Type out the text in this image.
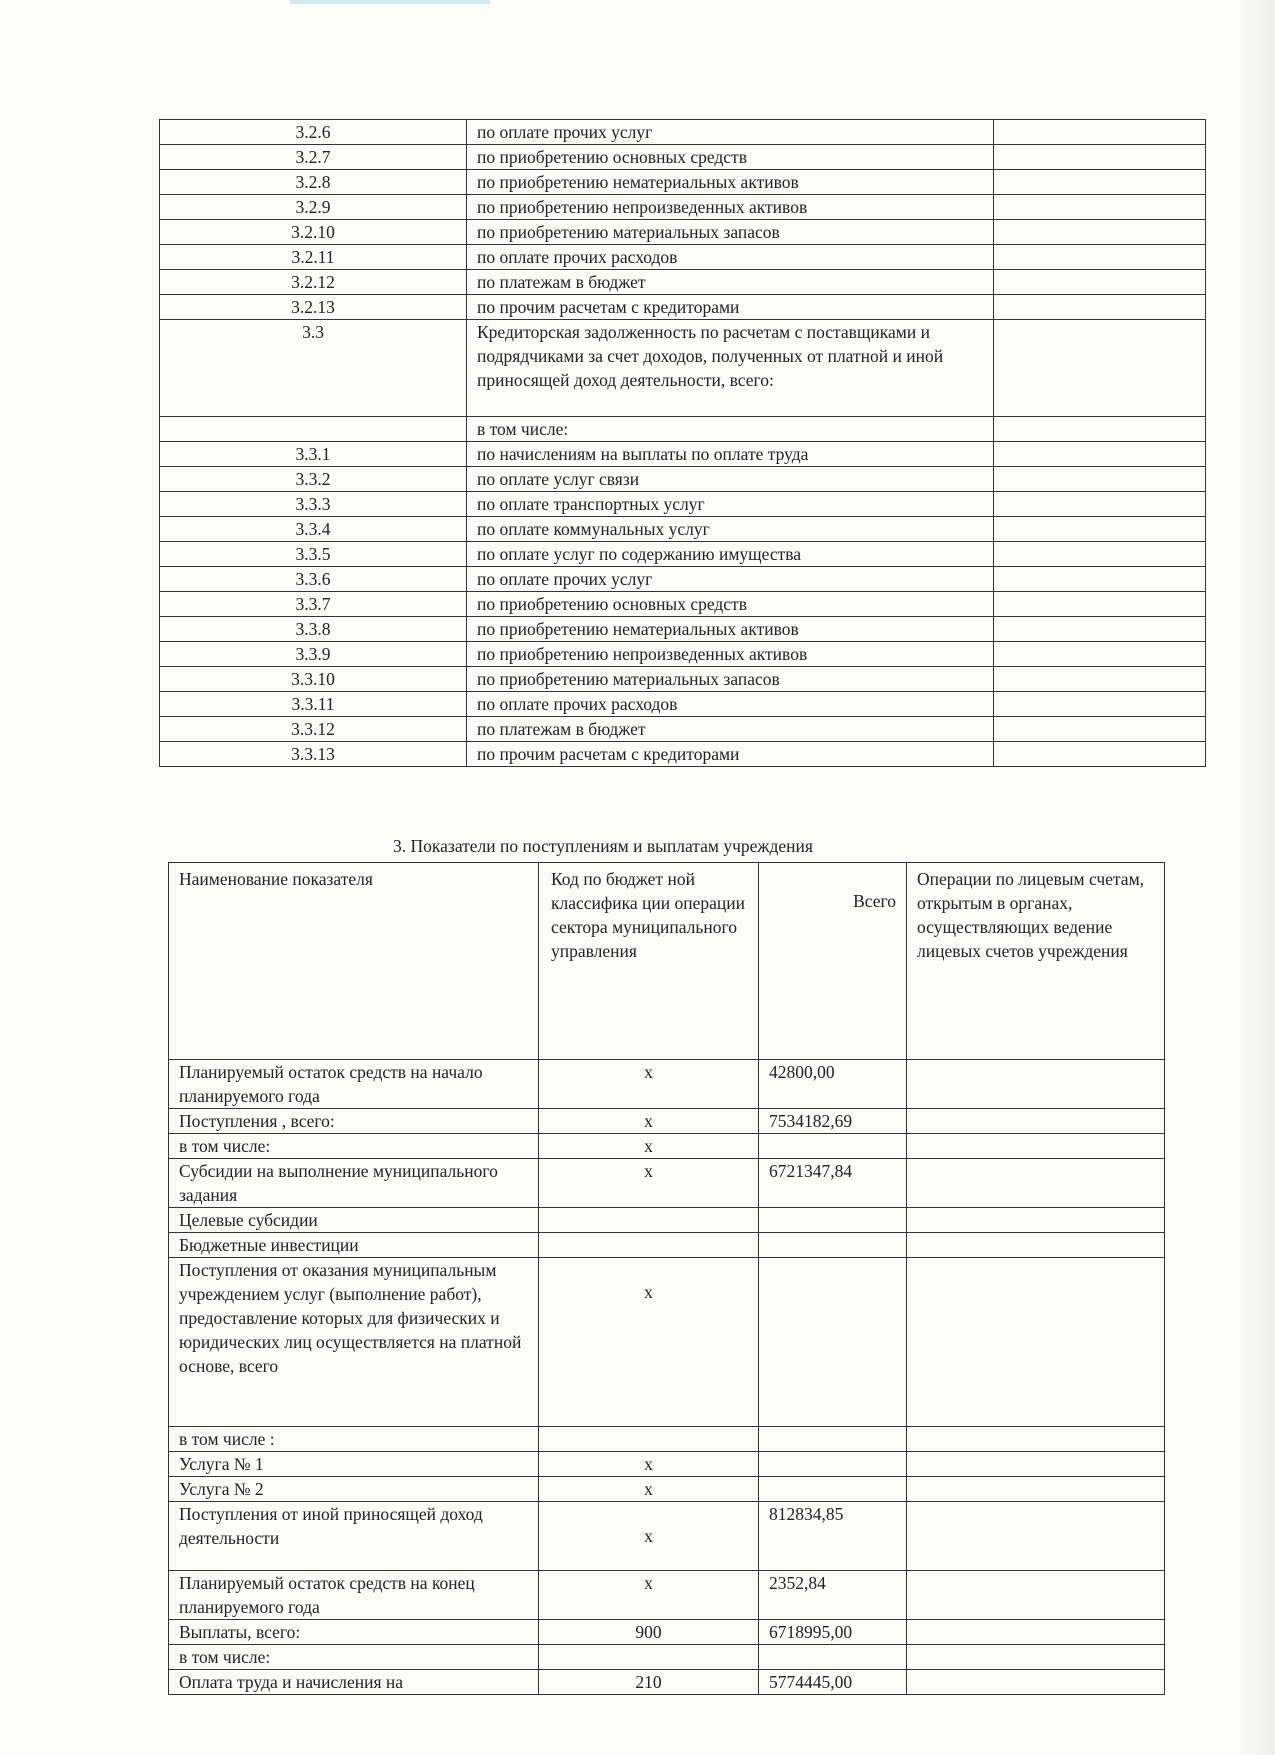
3.2.6	по оплате прочих услуг	
3.2.7	по приобретению основных средств	
3.2.8	по приобретению нематериальных активов	
3.2.9	по приобретению непроизведенных активов	
3.2.10	по приобретению материальных запасов	
3.2.11	по оплате прочих расходов	
3.2.12	по платежам в бюджет	
3.2.13	по прочим расчетам с кредиторами	
3.3	Кредиторская задолженность по расчетам с поставщиками и подрядчиками за счет доходов, полученных от платной и иной приносящей доход деятельности, всего:	
	в том числе:	
3.3.1	по начислениям на выплаты по оплате труда	
3.3.2	по оплате услуг связи	
3.3.3	по оплате транспортных услуг	
3.3.4	по оплате коммунальных услуг	
3.3.5	по оплате услуг по содержанию имущества	
3.3.6	по оплате прочих услуг	
3.3.7	по приобретению основных средств	
3.3.8	по приобретению нематериальных активов	
3.3.9	по приобретению непроизведенных активов	
3.3.10	по приобретению материальных запасов	
3.3.11	по оплате прочих расходов	
3.3.12	по платежам в бюджет	
3.3.13	по прочим расчетам с кредиторами	
3. Показатели по поступлениям и выплатам учреждения
Наименование показателя	Код по бюджет ной классифика ции операции сектора муниципального управления	Всего	Операции по лицевым счетам, открытым в органах, осуществляющих ведение лицевых счетов учреждения
Планируемый остаток средств на начало планируемого года	x	42800,00	
Поступления , всего:	x	7534182,69	
в том числе:	x		
Субсидии на выполнение муниципального задания	x	6721347,84	
Целевые субсидии			
Бюджетные инвестиции			
Поступления от оказания муниципальным учреждением услуг (выполнение работ), предоставление которых для физических и юридических лиц осуществляется на платной основе, всего	x		
в том числе :			
Услуга № 1	x		
Услуга № 2	x		
Поступления от иной приносящей доход деятельности	x	812834,85	
Планируемый остаток средств на конец планируемого года	x	2352,84	
Выплаты, всего:	900	6718995,00	
в том числе:			
Оплата труда и начисления на	210	5774445,00	
